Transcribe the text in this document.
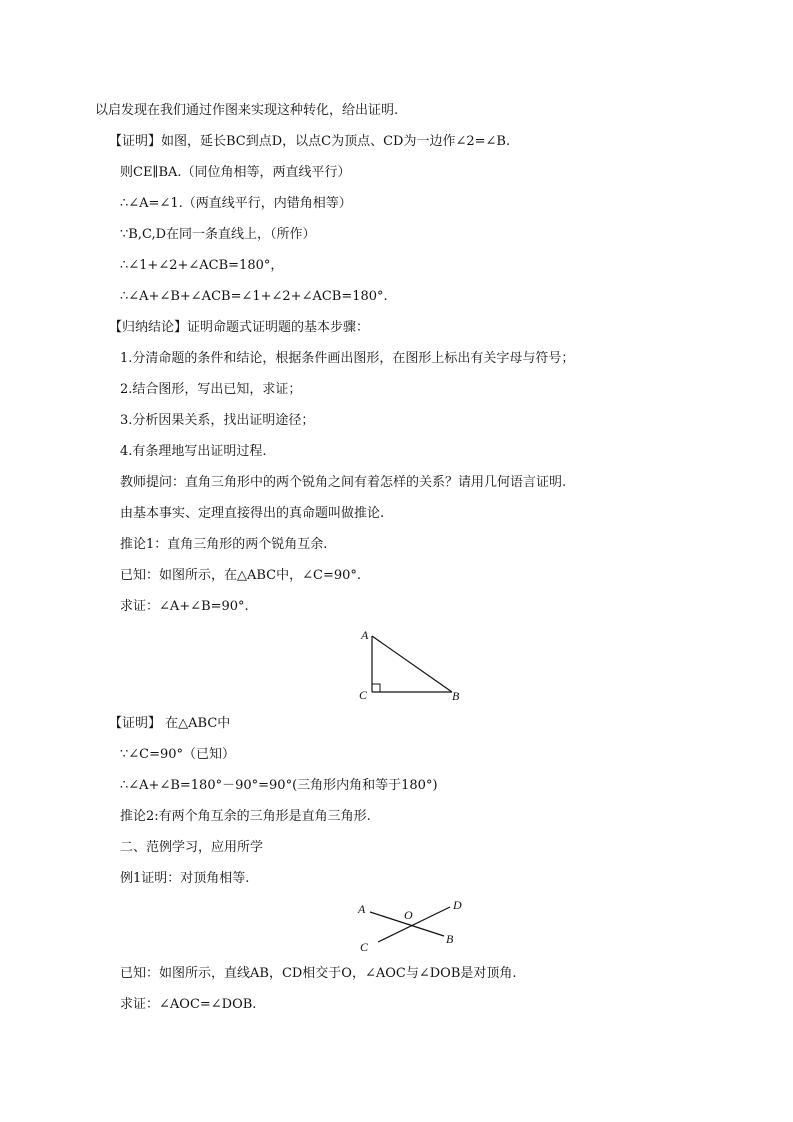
以启发现在我们通过作图来实现这种转化，给出证明.
【证明】如图，延长BC到点D，以点C为顶点、CD为一边作∠2=∠B.
则CE∥BA.（同位角相等，两直线平行）
∴∠A=∠1.（两直线平行，内错角相等）
∵B,C,D在同一条直线上，（所作）
∴∠1+∠2+∠ACB=180°，
∴∠A+∠B+∠ACB=∠1+∠2+∠ACB=180°.
【归纳结论】证明命题式证明题的基本步骤：
1.分清命题的条件和结论，根据条件画出图形，在图形上标出有关字母与符号；
2.结合图形，写出已知，求证；
3.分析因果关系，找出证明途径；
4.有条理地写出证明过程.
教师提问：直角三角形中的两个锐角之间有着怎样的关系？请用几何语言证明.
由基本事实、定理直接得出的真命题叫做推论.
推论1：直角三角形的两个锐角互余.
已知：如图所示，在△ABC中，∠C=90°.
求证：∠A+∠B=90°.
A
C	B
【证明】 在△ABC中
∵∠C=90°（已知）
∴∠A+∠B=180°－90°=90°(三角形内角和等于180°)
推论2:有两个角互余的三角形是直角三角形.
二、范例学习，应用所学
例1证明：对顶角相等.
A	O
D
C
B
已知：如图所示，直线AB，CD相交于O，∠AOC与∠DOB是对顶角.
求证：∠AOC=∠DOB.
